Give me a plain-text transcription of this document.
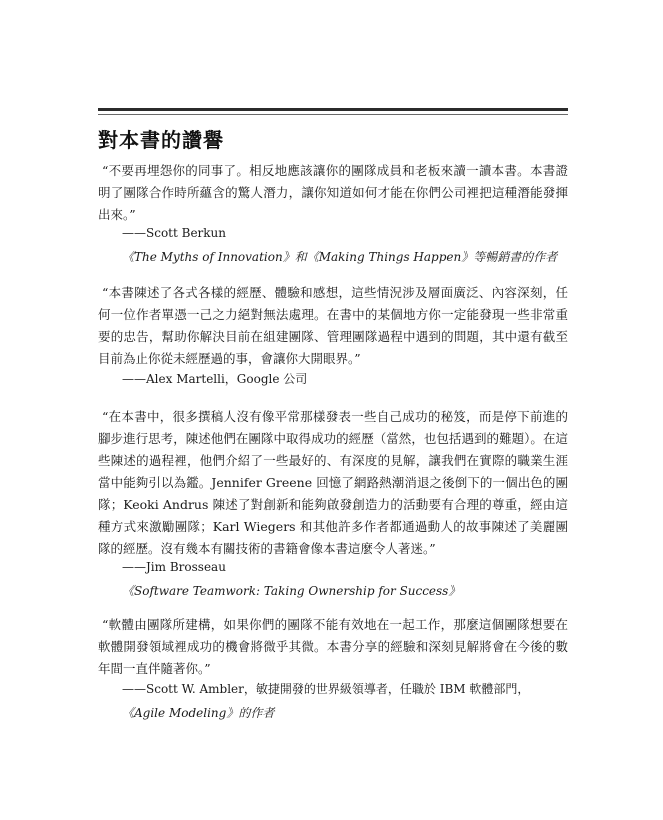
對本書的讚譽

“不要再埋怨你的同事了。相反地應該讓你的團隊成員和老板來讀一讀本書。本書證明了團隊合作時所蘊含的驚人潛力，讓你知道如何才能在你們公司裡把這種潛能發揮出來。”

——Scott Berkun

《The Myths of Innovation》和《Making Things Happen》等暢銷書的作者

“本書陳述了各式各樣的經歷、體驗和感想，這些情況涉及層面廣泛、內容深刻，任何一位作者單憑一己之力絕對無法處理。在書中的某個地方你一定能發現一些非常重要的忠告，幫助你解決目前在組建團隊、管理團隊過程中遇到的問題，其中還有截至目前為止你從未經歷過的事，會讓你大開眼界。”

——Alex Martelli，Google 公司

“在本書中，很多撰稿人沒有像平常那樣發表一些自己成功的秘笈，而是停下前進的腳步進行思考，陳述他們在團隊中取得成功的經歷（當然，也包括遇到的難題）。在這些陳述的過程裡，他們介紹了一些最好的、有深度的見解，讓我們在實際的職業生涯當中能夠引以為鑑。Jennifer Greene 回憶了網路熱潮消退之後倒下的一個出色的團隊；Keoki Andrus 陳述了對創新和能夠啟發創造力的活動要有合理的尊重，經由這種方式來激勵團隊；Karl Wiegers 和其他許多作者都通過動人的故事陳述了美麗團隊的經歷。沒有幾本有關技術的書籍會像本書這麼令人著迷。”

——Jim Brosseau

《Software Teamwork: Taking Ownership for Success》

“軟體由團隊所建構，如果你們的團隊不能有效地在一起工作，那麼這個團隊想要在軟體開發領域裡成功的機會將微乎其微。本書分享的經驗和深刻見解將會在今後的數年間一直伴隨著你。”

——Scott W. Ambler，敏捷開發的世界級領導者，任職於 IBM 軟體部門，

《Agile Modeling》的作者
